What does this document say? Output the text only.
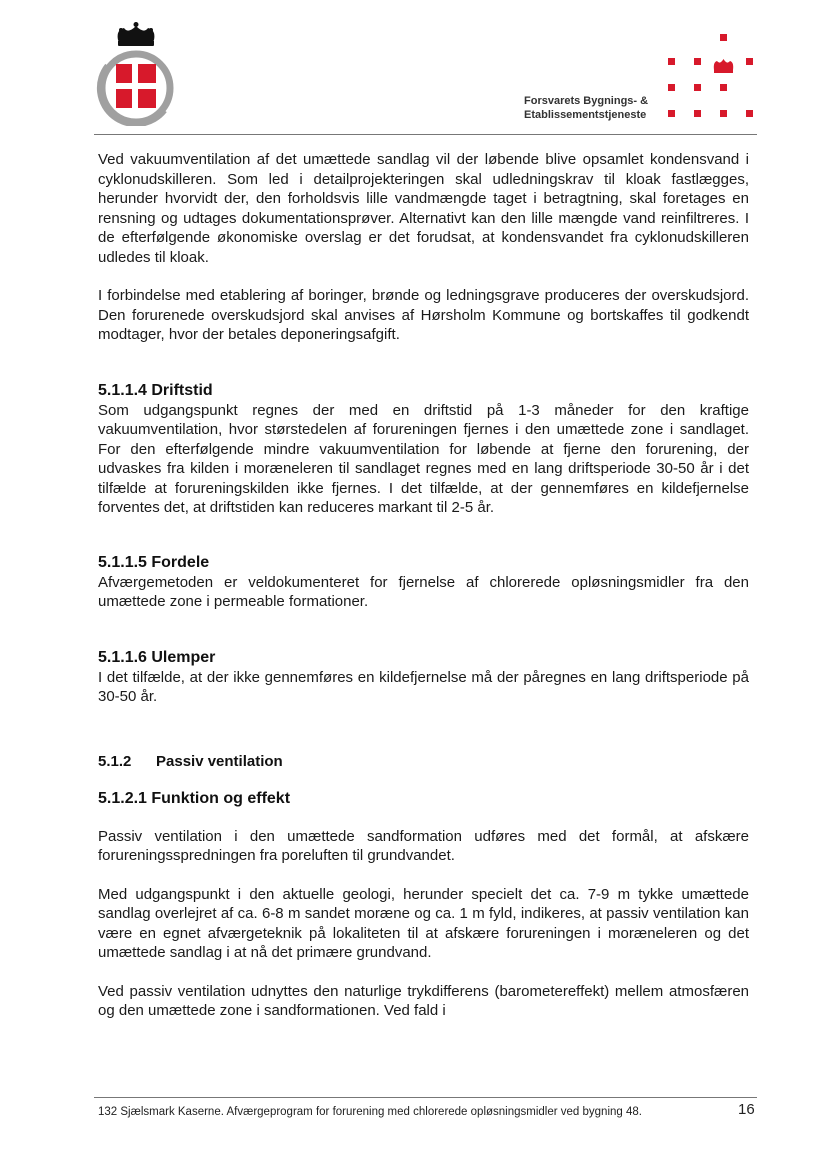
Forsvarets Bygnings- &
Etablissementstjeneste

Ved vakuumventilation af det umættede sandlag vil der løbende blive opsamlet kondensvand i cyklonudskilleren. Som led i detailprojekteringen skal udledningskrav til kloak fastlægges, herunder hvorvidt der, den forholdsvis lille vandmængde taget i betragtning, skal foretages en rensning og udtages dokumentationsprøver. Alternativt kan den lille mængde vand reinfiltreres. I de efterfølgende økonomiske overslag er det forudsat, at kondensvandet fra cyklonudskilleren udledes til kloak.

I forbindelse med etablering af boringer, brønde og ledningsgrave produceres der overskudsjord. Den forurenede overskudsjord skal anvises af Hørsholm Kommune og bortskaffes til godkendt modtager, hvor der betales deponeringsafgift.

5.1.1.4 Driftstid

Som udgangspunkt regnes der med en driftstid på 1-3 måneder for den kraftige vakuumventilation, hvor størstedelen af forureningen fjernes i den umættede zone i sandlaget. For den efterfølgende mindre vakuumventilation for løbende at fjerne den forurening, der udvaskes fra kilden i moræneleren til sandlaget regnes med en lang driftsperiode 30-50 år i det tilfælde at forureningskilden ikke fjernes. I det tilfælde, at der gennemføres en kildefjernelse forventes det, at driftstiden kan reduceres markant til 2-5 år.

5.1.1.5 Fordele

Afværgemetoden er veldokumenteret for fjernelse af chlorerede opløsningsmidler fra den umættede zone i permeable formationer.

5.1.1.6 Ulemper

I det tilfælde, at der ikke gennemføres en kildefjernelse må der påregnes en lang driftsperiode på 30-50 år.

5.1.2 Passiv ventilation
5.1.2.1 Funktion og effekt

Passiv ventilation i den umættede sandformation udføres med det formål, at afskære forureningsspredningen fra poreluften til grundvandet.

Med udgangspunkt i den aktuelle geologi, herunder specielt det ca. 7-9 m tykke umættede sandlag overlejret af ca. 6-8 m sandet moræne og ca. 1 m fyld, indikeres, at passiv ventilation kan være en egnet afværgeteknik på lokaliteten til at afskære forureningen i moræneleren og det umættede sandlag i at nå det primære grundvand.

Ved passiv ventilation udnyttes den naturlige trykdifferens (barometereffekt) mellem atmosfæren og den umættede zone i sandformationen. Ved fald i

132 Sjælsmark Kaserne. Afværgeprogram for forurening med chlorerede opløsningsmidler ved bygning 48.	16
